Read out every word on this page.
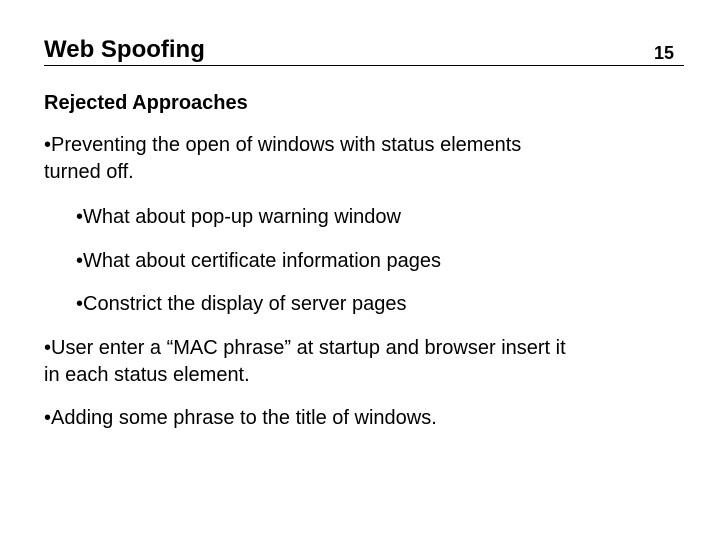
Web Spoofing	15
Rejected Approaches
•Preventing the open of windows with status elements
turned off.
•What about pop-up warning window
•What about certificate information pages
•Constrict the display of server pages
•User enter a “MAC phrase” at startup and browser insert it
in each status element.
•Adding some phrase to the title of windows.
